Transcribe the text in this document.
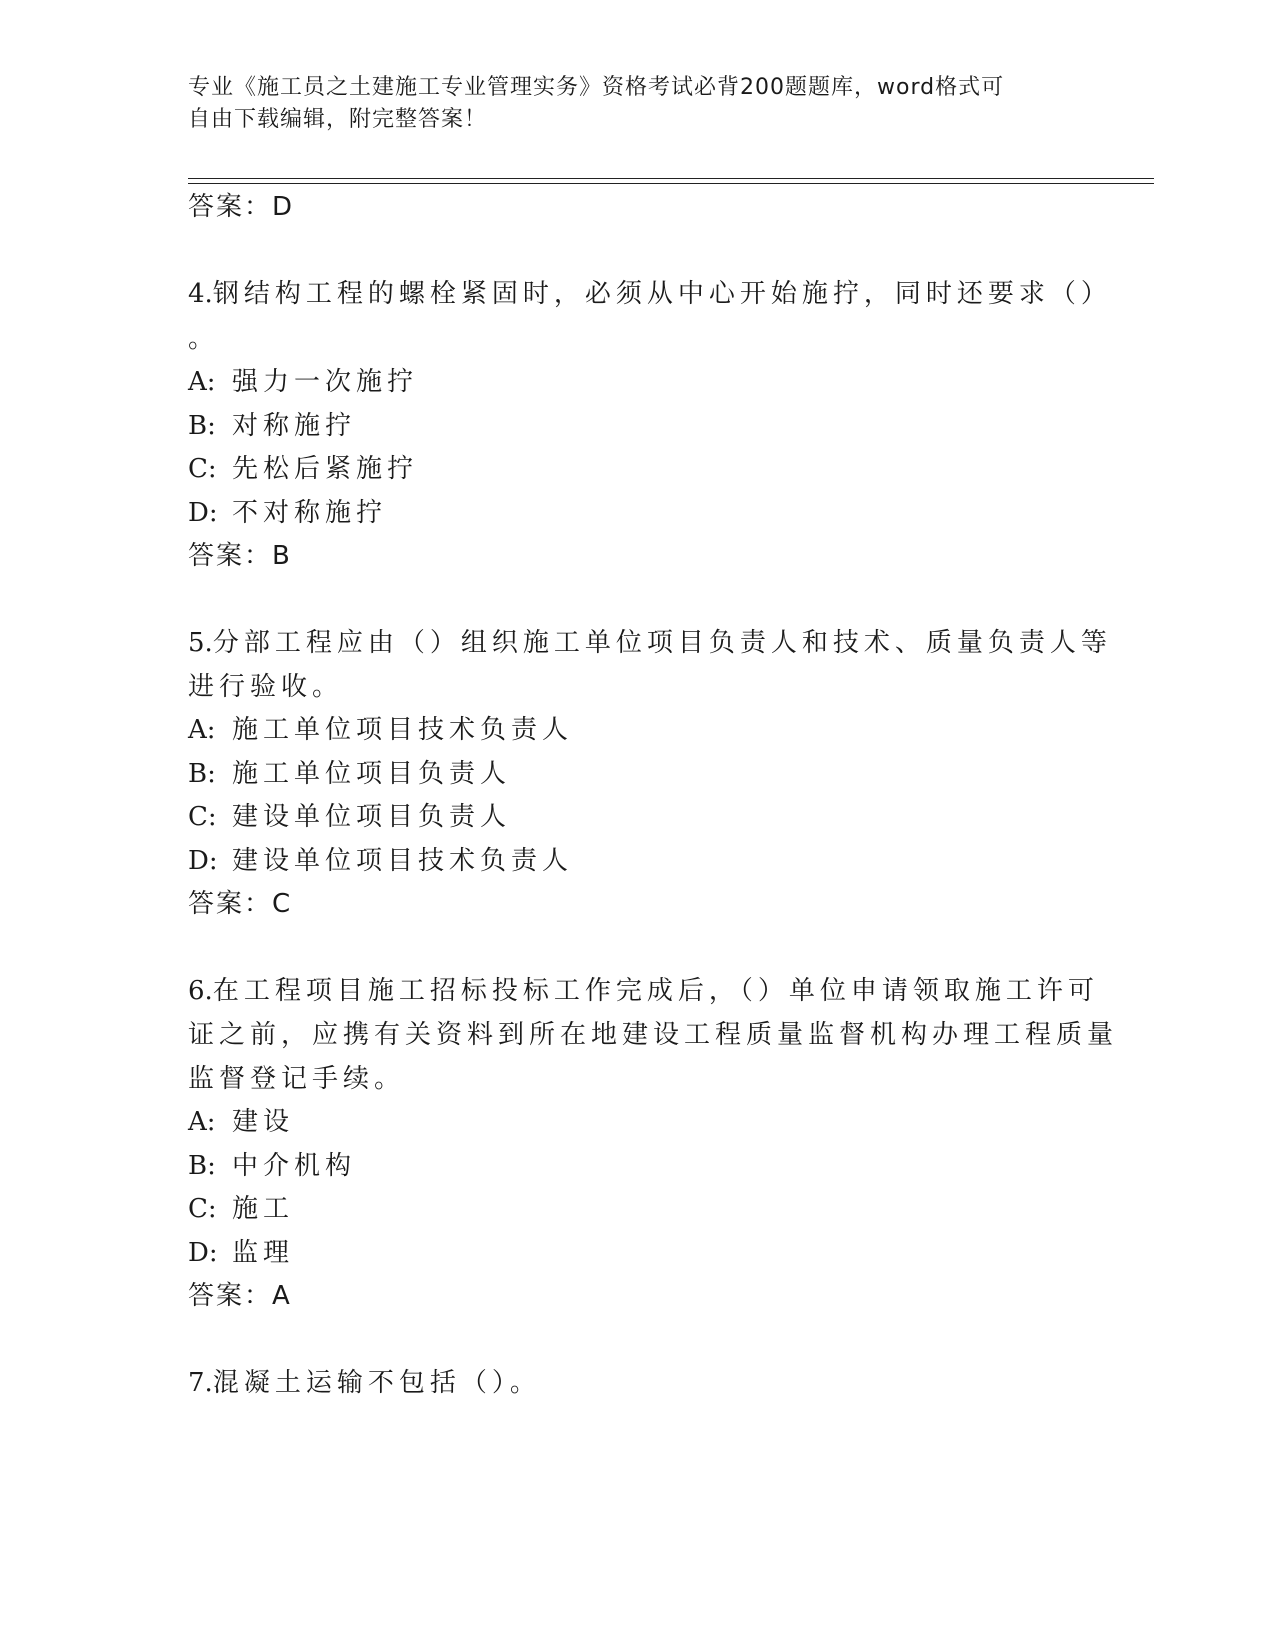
专业《施工员之土建施工专业管理实务》资格考试必背200题题库，word格式可
自由下载编辑，附完整答案！
答案：D
4.钢结构工程的螺栓紧固时，必须从中心开始施拧，同时还要求（）
。
A: 强力一次施拧
B: 对称施拧
C: 先松后紧施拧
D: 不对称施拧
答案：B
5.分部工程应由（）组织施工单位项目负责人和技术、质量负责人等
进行验收。
A: 施工单位项目技术负责人
B: 施工单位项目负责人
C: 建设单位项目负责人
D: 建设单位项目技术负责人
答案：C
6.在工程项目施工招标投标工作完成后，（）单位申请领取施工许可
证之前，应携有关资料到所在地建设工程质量监督机构办理工程质量
监督登记手续。
A: 建设
B: 中介机构
C: 施工
D: 监理
答案：A
7.混凝土运输不包括（）。
